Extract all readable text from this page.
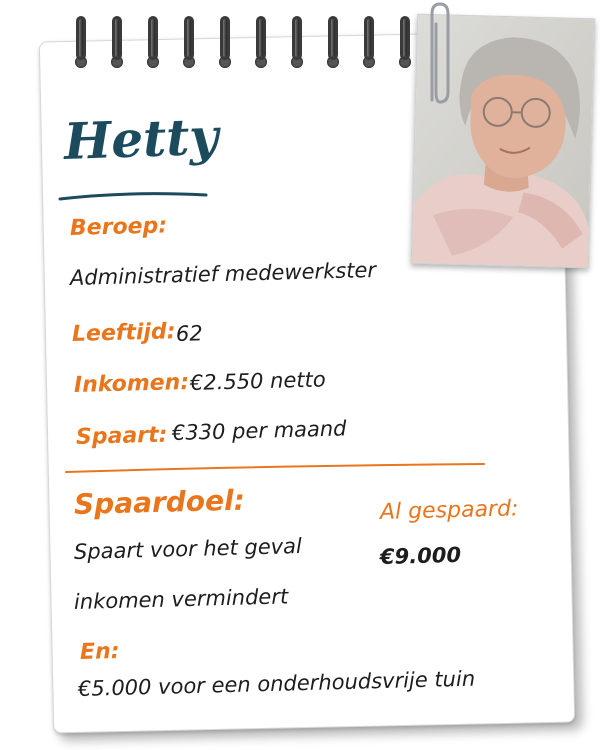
Hetty
Beroep:
Administratief medewerkster
Leeftijd: 62
Inkomen: €2.550 netto
Spaart: €330 per maand
Spaardoel:	Al gespaard:
Spaart voor het geval	€9.000
inkomen vermindert
En:
€5.000 voor een onderhoudsvrije tuin
